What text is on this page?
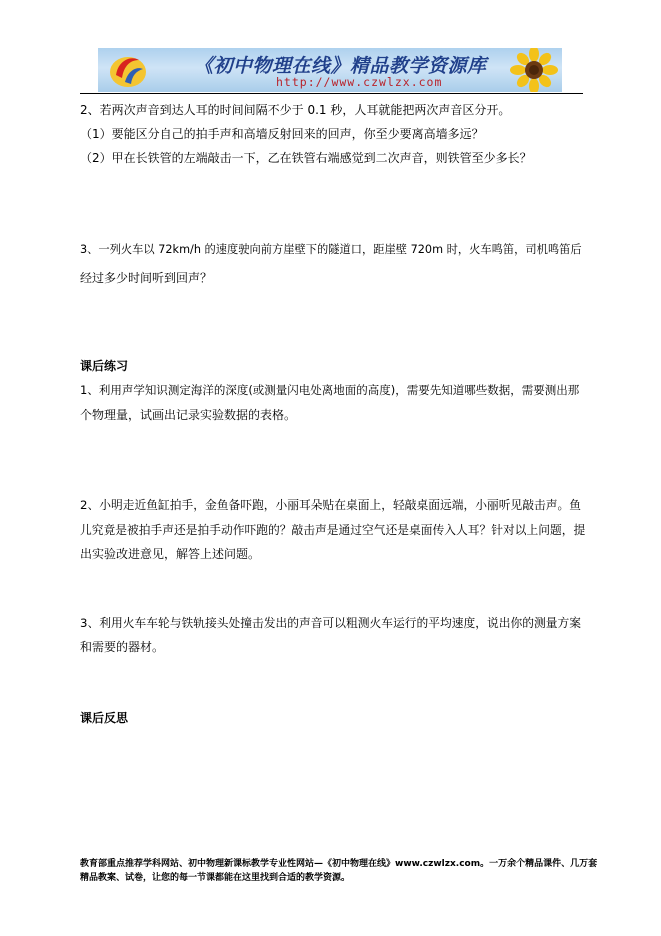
《初中物理在线》精品教学资源库
http://www.czwlzx.com
2、若两次声音到达人耳的时间间隔不少于 0.1 秒，人耳就能把两次声音区分开。
（1）要能区分自己的拍手声和高墙反射回来的回声，你至少要离高墙多远？
（2）甲在长铁管的左端敲击一下，乙在铁管右端感觉到二次声音，则铁管至少多长？
3、一列火车以 72km/h 的速度驶向前方崖壁下的隧道口，距崖壁 720m 时，火车鸣笛，司机鸣笛后
经过多少时间听到回声？
课后练习
1、利用声学知识测定海洋的深度(或测量闪电处离地面的高度)，需要先知道哪些数据，需要测出那
个物理量，试画出记录实验数据的表格。
2、小明走近鱼缸拍手，金鱼备吓跑，小丽耳朵贴在桌面上，轻敲桌面远端，小丽听见敲击声。鱼
儿究竟是被拍手声还是拍手动作吓跑的？敲击声是通过空气还是桌面传入人耳？针对以上问题，提
出实验改进意见，解答上述问题。
3、利用火车车轮与铁轨接头处撞击发出的声音可以粗测火车运行的平均速度，说出你的测量方案
和需要的器材。
课后反思
教育部重点推荐学科网站、初中物理新课标教学专业性网站—《初中物理在线》www.czwlzx.com。一万余个精品课件、几万套精品教案、试卷，让您的每一节课都能在这里找到合适的教学资源。
